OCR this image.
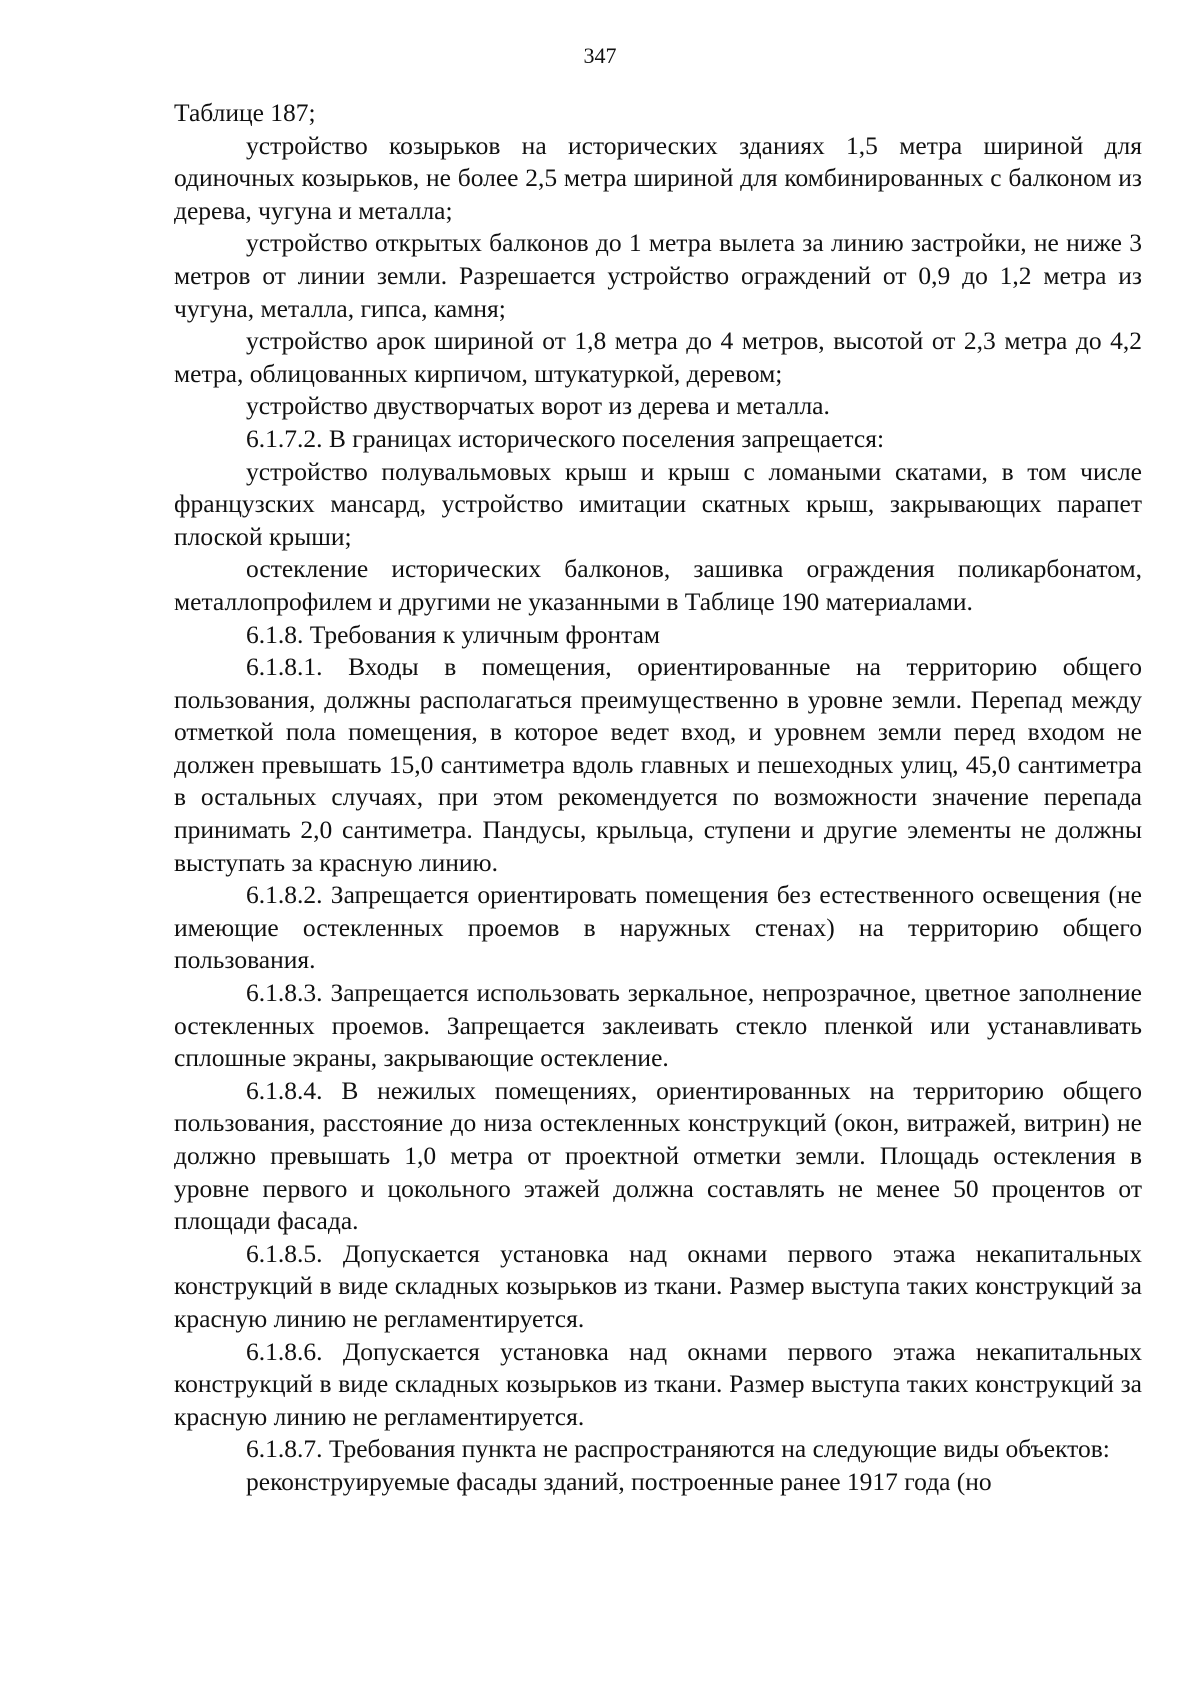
347

Таблице 187;

устройство козырьков на исторических зданиях 1,5 метра шириной для одиночных козырьков, не более 2,5 метра шириной для комбинированных с балконом из дерева, чугуна и металла;

устройство открытых балконов до 1 метра вылета за линию застройки, не ниже 3 метров от линии земли. Разрешается устройство ограждений от 0,9 до 1,2 метра из чугуна, металла, гипса, камня;

устройство арок шириной от 1,8 метра до 4 метров, высотой от 2,3 метра до 4,2 метра, облицованных кирпичом, штукатуркой, деревом;

устройство двустворчатых ворот из дерева и металла.

6.1.7.2. В границах исторического поселения запрещается:

устройство полувальмовых крыш и крыш с ломаными скатами, в том числе французских мансард, устройство имитации скатных крыш, закрывающих парапет плоской крыши;

остекление исторических балконов, зашивка ограждения поликарбонатом, металлопрофилем и другими не указанными в Таблице 190 материалами.

6.1.8. Требования к уличным фронтам

6.1.8.1. Входы в помещения, ориентированные на территорию общего пользования, должны располагаться преимущественно в уровне земли. Перепад между отметкой пола помещения, в которое ведет вход, и уровнем земли перед входом не должен превышать 15,0 сантиметра вдоль главных и пешеходных улиц, 45,0 сантиметра в остальных случаях, при этом рекомендуется по возможности значение перепада принимать 2,0 сантиметра. Пандусы, крыльца, ступени и другие элементы не должны выступать за красную линию.

6.1.8.2. Запрещается ориентировать помещения без естественного освещения (не имеющие остекленных проемов в наружных стенах) на территорию общего пользования.

6.1.8.3. Запрещается использовать зеркальное, непрозрачное, цветное заполнение остекленных проемов. Запрещается заклеивать стекло пленкой или устанавливать сплошные экраны, закрывающие остекление.

6.1.8.4. В нежилых помещениях, ориентированных на территорию общего пользования, расстояние до низа остекленных конструкций (окон, витражей, витрин) не должно превышать 1,0 метра от проектной отметки земли. Площадь остекления в уровне первого и цокольного этажей должна составлять не менее 50 процентов от площади фасада.

6.1.8.5. Допускается установка над окнами первого этажа некапитальных конструкций в виде складных козырьков из ткани. Размер выступа таких конструкций за красную линию не регламентируется.

6.1.8.6. Допускается установка над окнами первого этажа некапитальных конструкций в виде складных козырьков из ткани. Размер выступа таких конструкций за красную линию не регламентируется.

6.1.8.7. Требования пункта не распространяются на следующие виды объектов:

реконструируемые фасады зданий, построенные ранее 1917 года (но
